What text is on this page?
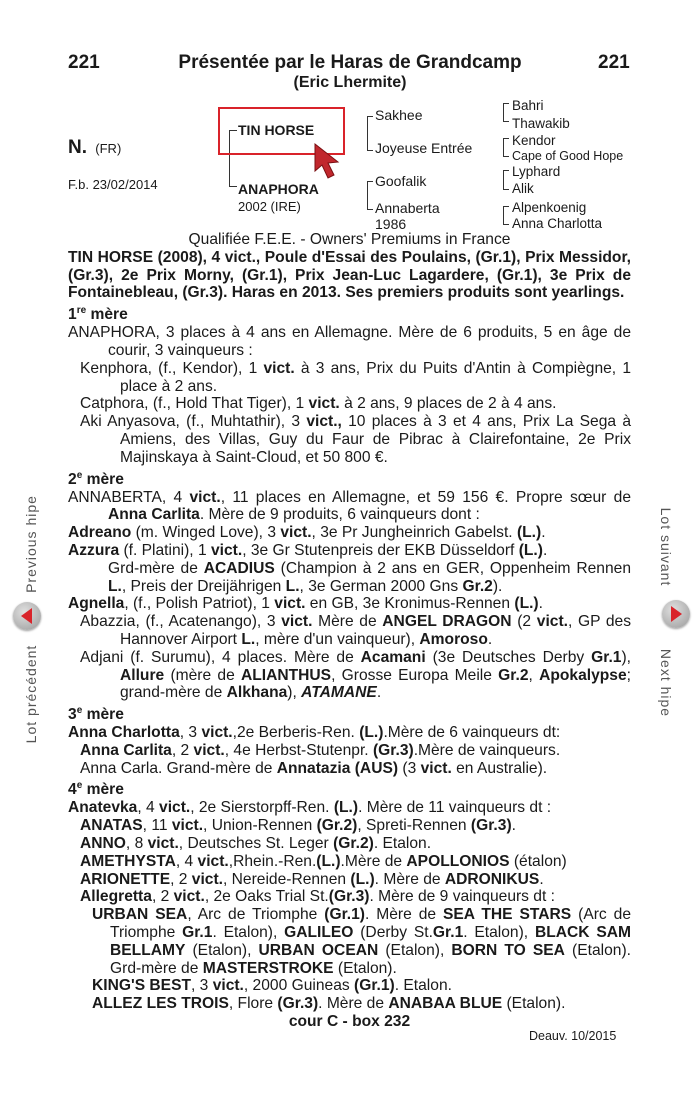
221	Présentée par le Haras de Grandcamp	221
(Eric Lhermite)
N. (FR)
F.b. 23/02/2014
TIN HORSE
ANAPHORA
2002 (IRE)
Sakhee
Joyeuse Entrée
Goofalik
Annaberta
1986
Bahri
Thawakib
Kendor
Cape of Good Hope
Lyphard
Alik
Alpenkoenig
Anna Charlotta

Qualifiée F.E.E. - Owners' Premiums in France

TIN HORSE (2008), 4 vict., Poule d'Essai des Poulains, (Gr.1), Prix Messidor, (Gr.3), 2e Prix Morny, (Gr.1), Prix Jean-Luc Lagardere, (Gr.1), 3e Prix de Fontainebleau, (Gr.3). Haras en 2013. Ses premiers produits sont yearlings.

1re mère

ANAPHORA, 3 places à 4 ans en Allemagne. Mère de 6 produits, 5 en âge de courir, 3 vainqueurs :

Kenphora, (f., Kendor), 1 vict. à 3 ans, Prix du Puits d'Antin à Compiègne, 1 place à 2 ans.

Catphora, (f., Hold That Tiger), 1 vict. à 2 ans, 9 places de 2 à 4 ans.

Aki Anyasova, (f., Muhtathir), 3 vict., 10 places à 3 et 4 ans, Prix La Sega à Amiens, des Villas, Guy du Faur de Pibrac à Clairefontaine, 2e Prix Majinskaya à Saint-Cloud, et 50 800 €.

2e mère

ANNABERTA, 4 vict., 11 places en Allemagne, et 59 156 €. Propre sœur de Anna Carlita. Mère de 9 produits, 6 vainqueurs dont :

Adreano (m. Winged Love), 3 vict., 3e Pr Jungheinrich Gabelst. (L.).

Azzura (f. Platini), 1 vict., 3e Gr Stutenpreis der EKB Düsseldorf (L.).

Grd-mère de ACADIUS (Champion à 2 ans en GER, Oppenheim Rennen L., Preis der Dreijährigen L., 3e German 2000 Gns Gr.2).

Agnella, (f., Polish Patriot), 1 vict. en GB, 3e Kronimus-Rennen (L.).

Abazzia, (f., Acatenango), 3 vict. Mère de ANGEL DRAGON (2 vict., GP des Hannover Airport L., mère d'un vainqueur), Amoroso.

Adjani (f. Surumu), 4 places. Mère de Acamani (3e Deutsches Derby Gr.1), Allure (mère de ALIANTHUS, Grosse Europa Meile Gr.2, Apokalypse; grand-mère de Alkhana), ATAMANE.

3e mère

Anna Charlotta, 3 vict.,2e Berberis-Ren. (L.).Mère de 6 vainqueurs dt:

Anna Carlita, 2 vict., 4e Herbst-Stutenpr. (Gr.3).Mère de vainqueurs.

Anna Carla. Grand-mère de Annatazia (AUS) (3 vict. en Australie).

4e mère

Anatevka, 4 vict., 2e Sierstorpff-Ren. (L.). Mère de 11 vainqueurs dt :

ANATAS, 11 vict., Union-Rennen (Gr.2), Spreti-Rennen (Gr.3).

ANNO, 8 vict., Deutsches St. Leger (Gr.2). Etalon.

AMETHYSTA, 4 vict.,Rhein.-Ren.(L.).Mère de APOLLONIOS (étalon)

ARIONETTE, 2 vict., Nereide-Rennen (L.). Mère de ADRONIKUS.

Allegretta, 2 vict., 2e Oaks Trial St.(Gr.3). Mère de 9 vainqueurs dt :

URBAN SEA, Arc de Triomphe (Gr.1). Mère de SEA THE STARS (Arc de Triomphe Gr.1. Etalon), GALILEO (Derby St.Gr.1. Etalon), BLACK SAM BELLAMY (Etalon), URBAN OCEAN (Etalon), BORN TO SEA (Etalon). Grd-mère de MASTERSTROKE (Etalon).

KING'S BEST, 3 vict., 2000 Guineas (Gr.1). Etalon.

ALLEZ LES TROIS, Flore (Gr.3). Mère de ANABAA BLUE (Etalon).

cour C - box 232

Deauv. 10/2015
Previous hipe
Lot précédent
Lot suivant
Next hipe
